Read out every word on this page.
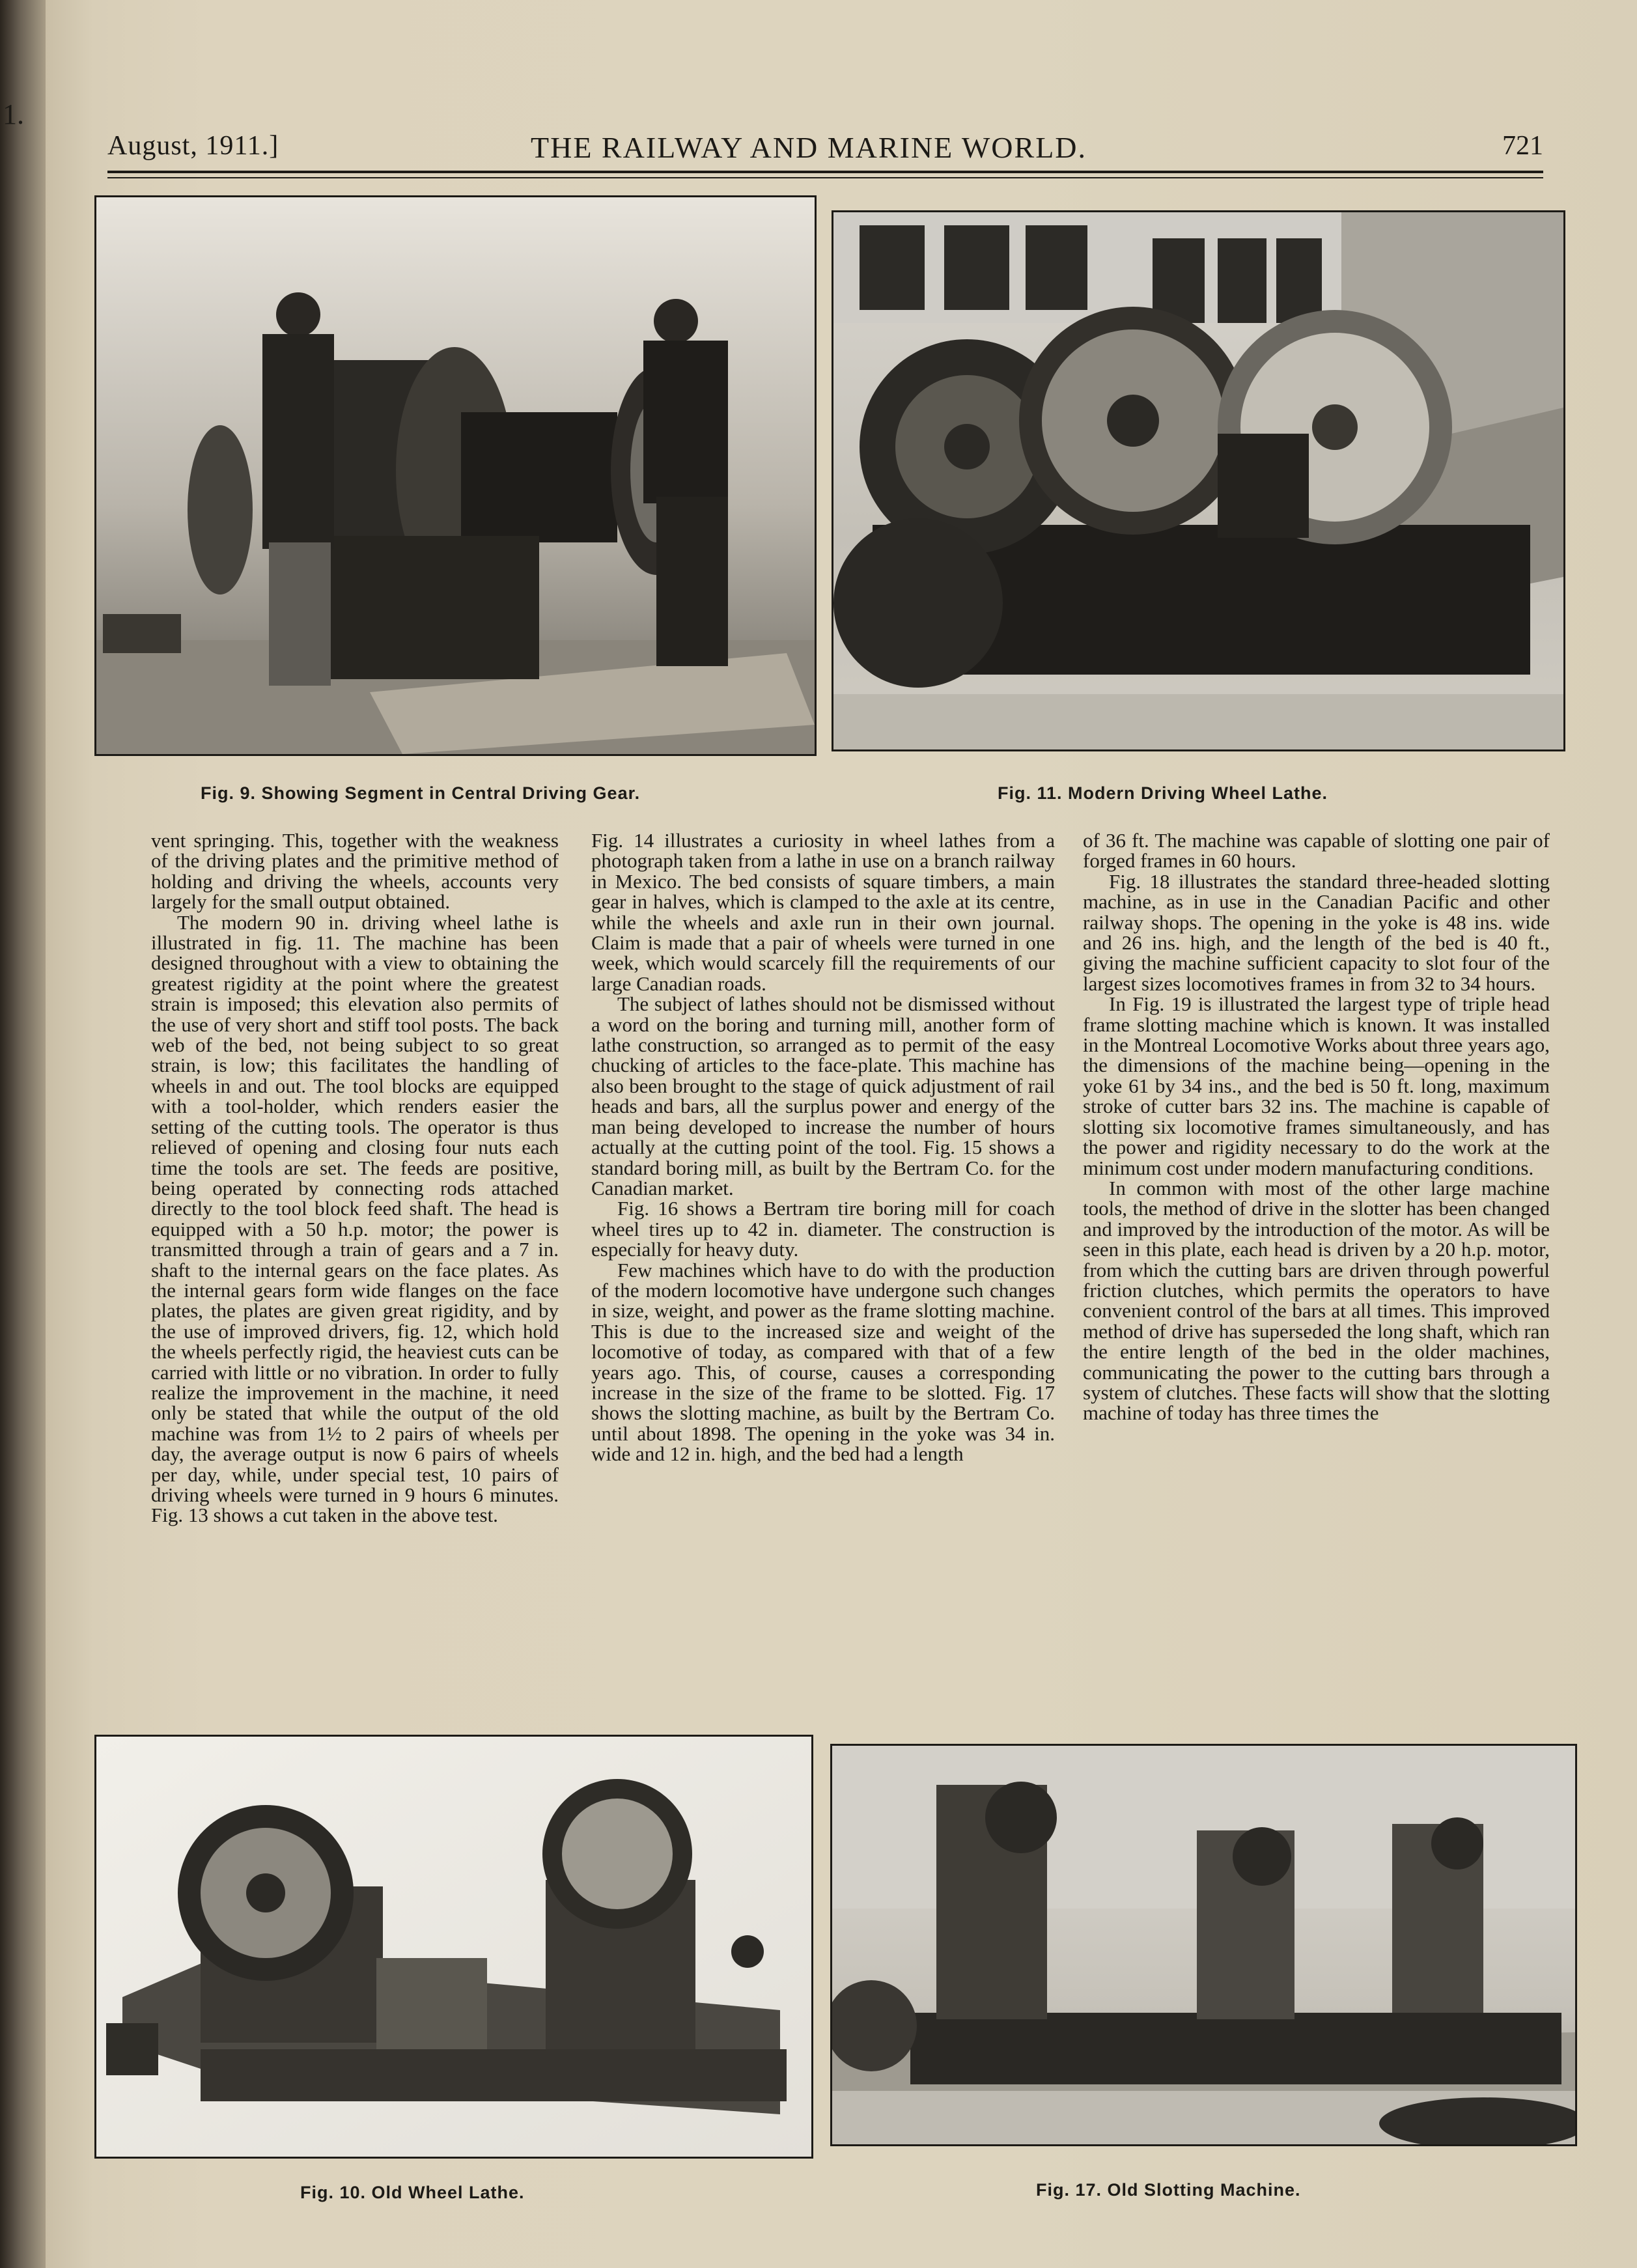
1.
August, 1911.]	THE RAILWAY AND MARINE WORLD.	721
Fig. 9. Showing Segment in Central Driving Gear.	Fig. 11. Modern Driving Wheel Lathe.

vent springing. This, together with the weakness of the driving plates and the primitive method of holding and driving the wheels, accounts very largely for the small output obtained.

The modern 90 in. driving wheel lathe is illustrated in fig. 11. The machine has been designed throughout with a view to obtaining the greatest rigidity at the point where the greatest strain is imposed; this elevation also permits of the use of very short and stiff tool posts. The back web of the bed, not being subject to so great strain, is low; this facilitates the handling of wheels in and out. The tool blocks are equipped with a tool-holder, which renders easier the setting of the cutting tools. The operator is thus relieved of opening and closing four nuts each time the tools are set. The feeds are positive, being operated by connecting rods attached directly to the tool block feed shaft. The head is equipped with a 50 h.p. motor; the power is transmitted through a train of gears and a 7 in. shaft to the internal gears on the face plates. As the internal gears form wide flanges on the face plates, the plates are given great rigidity, and by the use of improved drivers, fig. 12, which hold the wheels perfectly rigid, the heaviest cuts can be carried with little or no vibration. In order to fully realize the improvement in the machine, it need only be stated that while the output of the old machine was from 1½ to 2 pairs of wheels per day, the average output is now 6 pairs of wheels per day, while, under special test, 10 pairs of driving wheels were turned in 9 hours 6 minutes. Fig. 13 shows a cut taken in the above test.

Fig. 14 illustrates a curiosity in wheel lathes from a photograph taken from a lathe in use on a branch railway in Mexico. The bed consists of square timbers, a main gear in halves, which is clamped to the axle at its centre, while the wheels and axle run in their own journal. Claim is made that a pair of wheels were turned in one week, which would scarcely fill the requirements of our large Canadian roads.

The subject of lathes should not be dismissed without a word on the boring and turning mill, another form of lathe construction, so arranged as to permit of the easy chucking of articles to the face-plate. This machine has also been brought to the stage of quick adjustment of rail heads and bars, all the surplus power and energy of the man being developed to increase the number of hours actually at the cutting point of the tool. Fig. 15 shows a standard boring mill, as built by the Bertram Co. for the Canadian market.

Fig. 16 shows a Bertram tire boring mill for coach wheel tires up to 42 in. diameter. The construction is especially for heavy duty.

Few machines which have to do with the production of the modern locomotive have undergone such changes in size, weight, and power as the frame slotting machine. This is due to the increased size and weight of the locomotive of today, as compared with that of a few years ago. This, of course, causes a corresponding increase in the size of the frame to be slotted. Fig. 17 shows the slotting machine, as built by the Bertram Co. until about 1898. The opening in the yoke was 34 in. wide and 12 in. high, and the bed had a length

of 36 ft. The machine was capable of slotting one pair of forged frames in 60 hours.

Fig. 18 illustrates the standard three-headed slotting machine, as in use in the Canadian Pacific and other railway shops. The opening in the yoke is 48 ins. wide and 26 ins. high, and the length of the bed is 40 ft., giving the machine sufficient capacity to slot four of the largest sizes locomotives frames in from 32 to 34 hours.

In Fig. 19 is illustrated the largest type of triple head frame slotting machine which is known. It was installed in the Montreal Locomotive Works about three years ago, the dimensions of the machine being—opening in the yoke 61 by 34 ins., and the bed is 50 ft. long, maximum stroke of cutter bars 32 ins. The machine is capable of slotting six locomotive frames simultaneously, and has the power and rigidity necessary to do the work at the minimum cost under modern manufacturing conditions.

In common with most of the other large machine tools, the method of drive in the slotter has been changed and improved by the introduction of the motor. As will be seen in this plate, each head is driven by a 20 h.p. motor, from which the cutting bars are driven through powerful friction clutches, which permits the operators to have convenient control of the bars at all times. This improved method of drive has superseded the long shaft, which ran the entire length of the bed in the older machines, communicating the power to the cutting bars through a system of clutches. These facts will show that the slotting machine of today has three times the

Fig. 10. Old Wheel Lathe.	Fig. 17. Old Slotting Machine.
